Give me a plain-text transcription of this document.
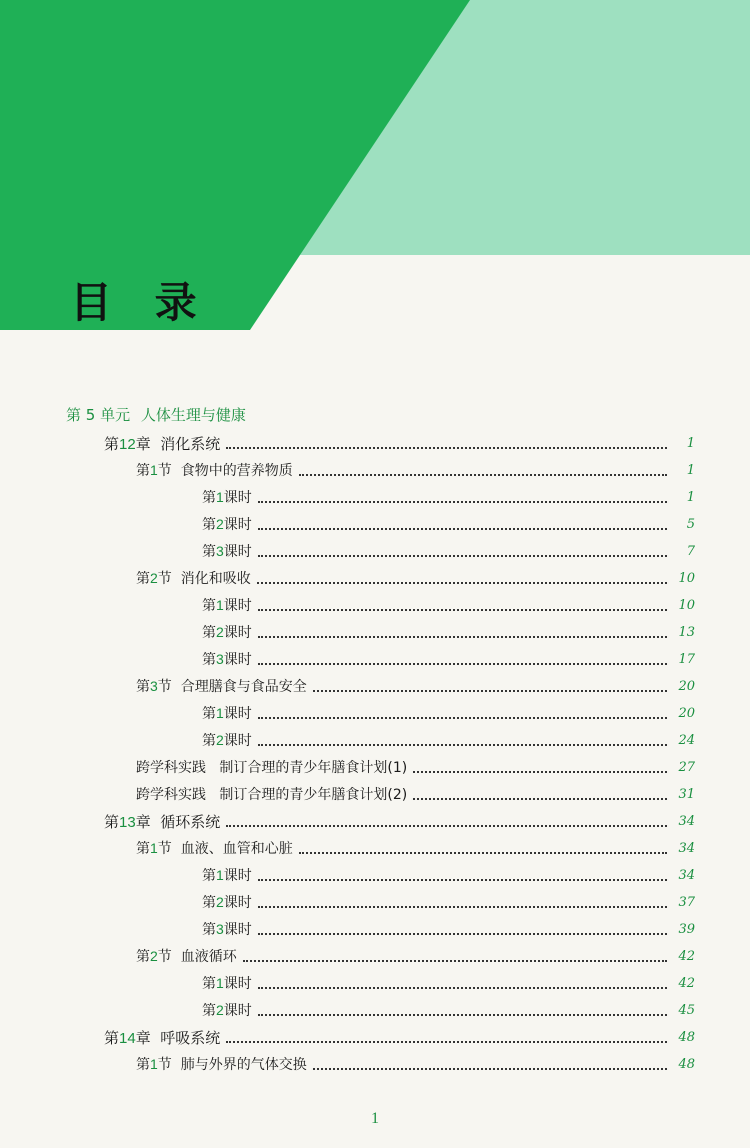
目 录
第 5 单元 人体生理与健康
第12章 消化系统	1
第1节 食物中的营养物质	1
第1课时	1
第2课时	5
第3课时	7
第2节 消化和吸收	10
第1课时	10
第2课时	13
第3课时	17
第3节 合理膳食与食品安全	20
第1课时	20
第2课时	24
跨学科实践 制订合理的青少年膳食计划(1)	27
跨学科实践 制订合理的青少年膳食计划(2)	31
第13章 循环系统	34
第1节 血液、血管和心脏	34
第1课时	34
第2课时	37
第3课时	39
第2节 血液循环	42
第1课时	42
第2课时	45
第14章 呼吸系统	48
第1节 肺与外界的气体交换	48
1
